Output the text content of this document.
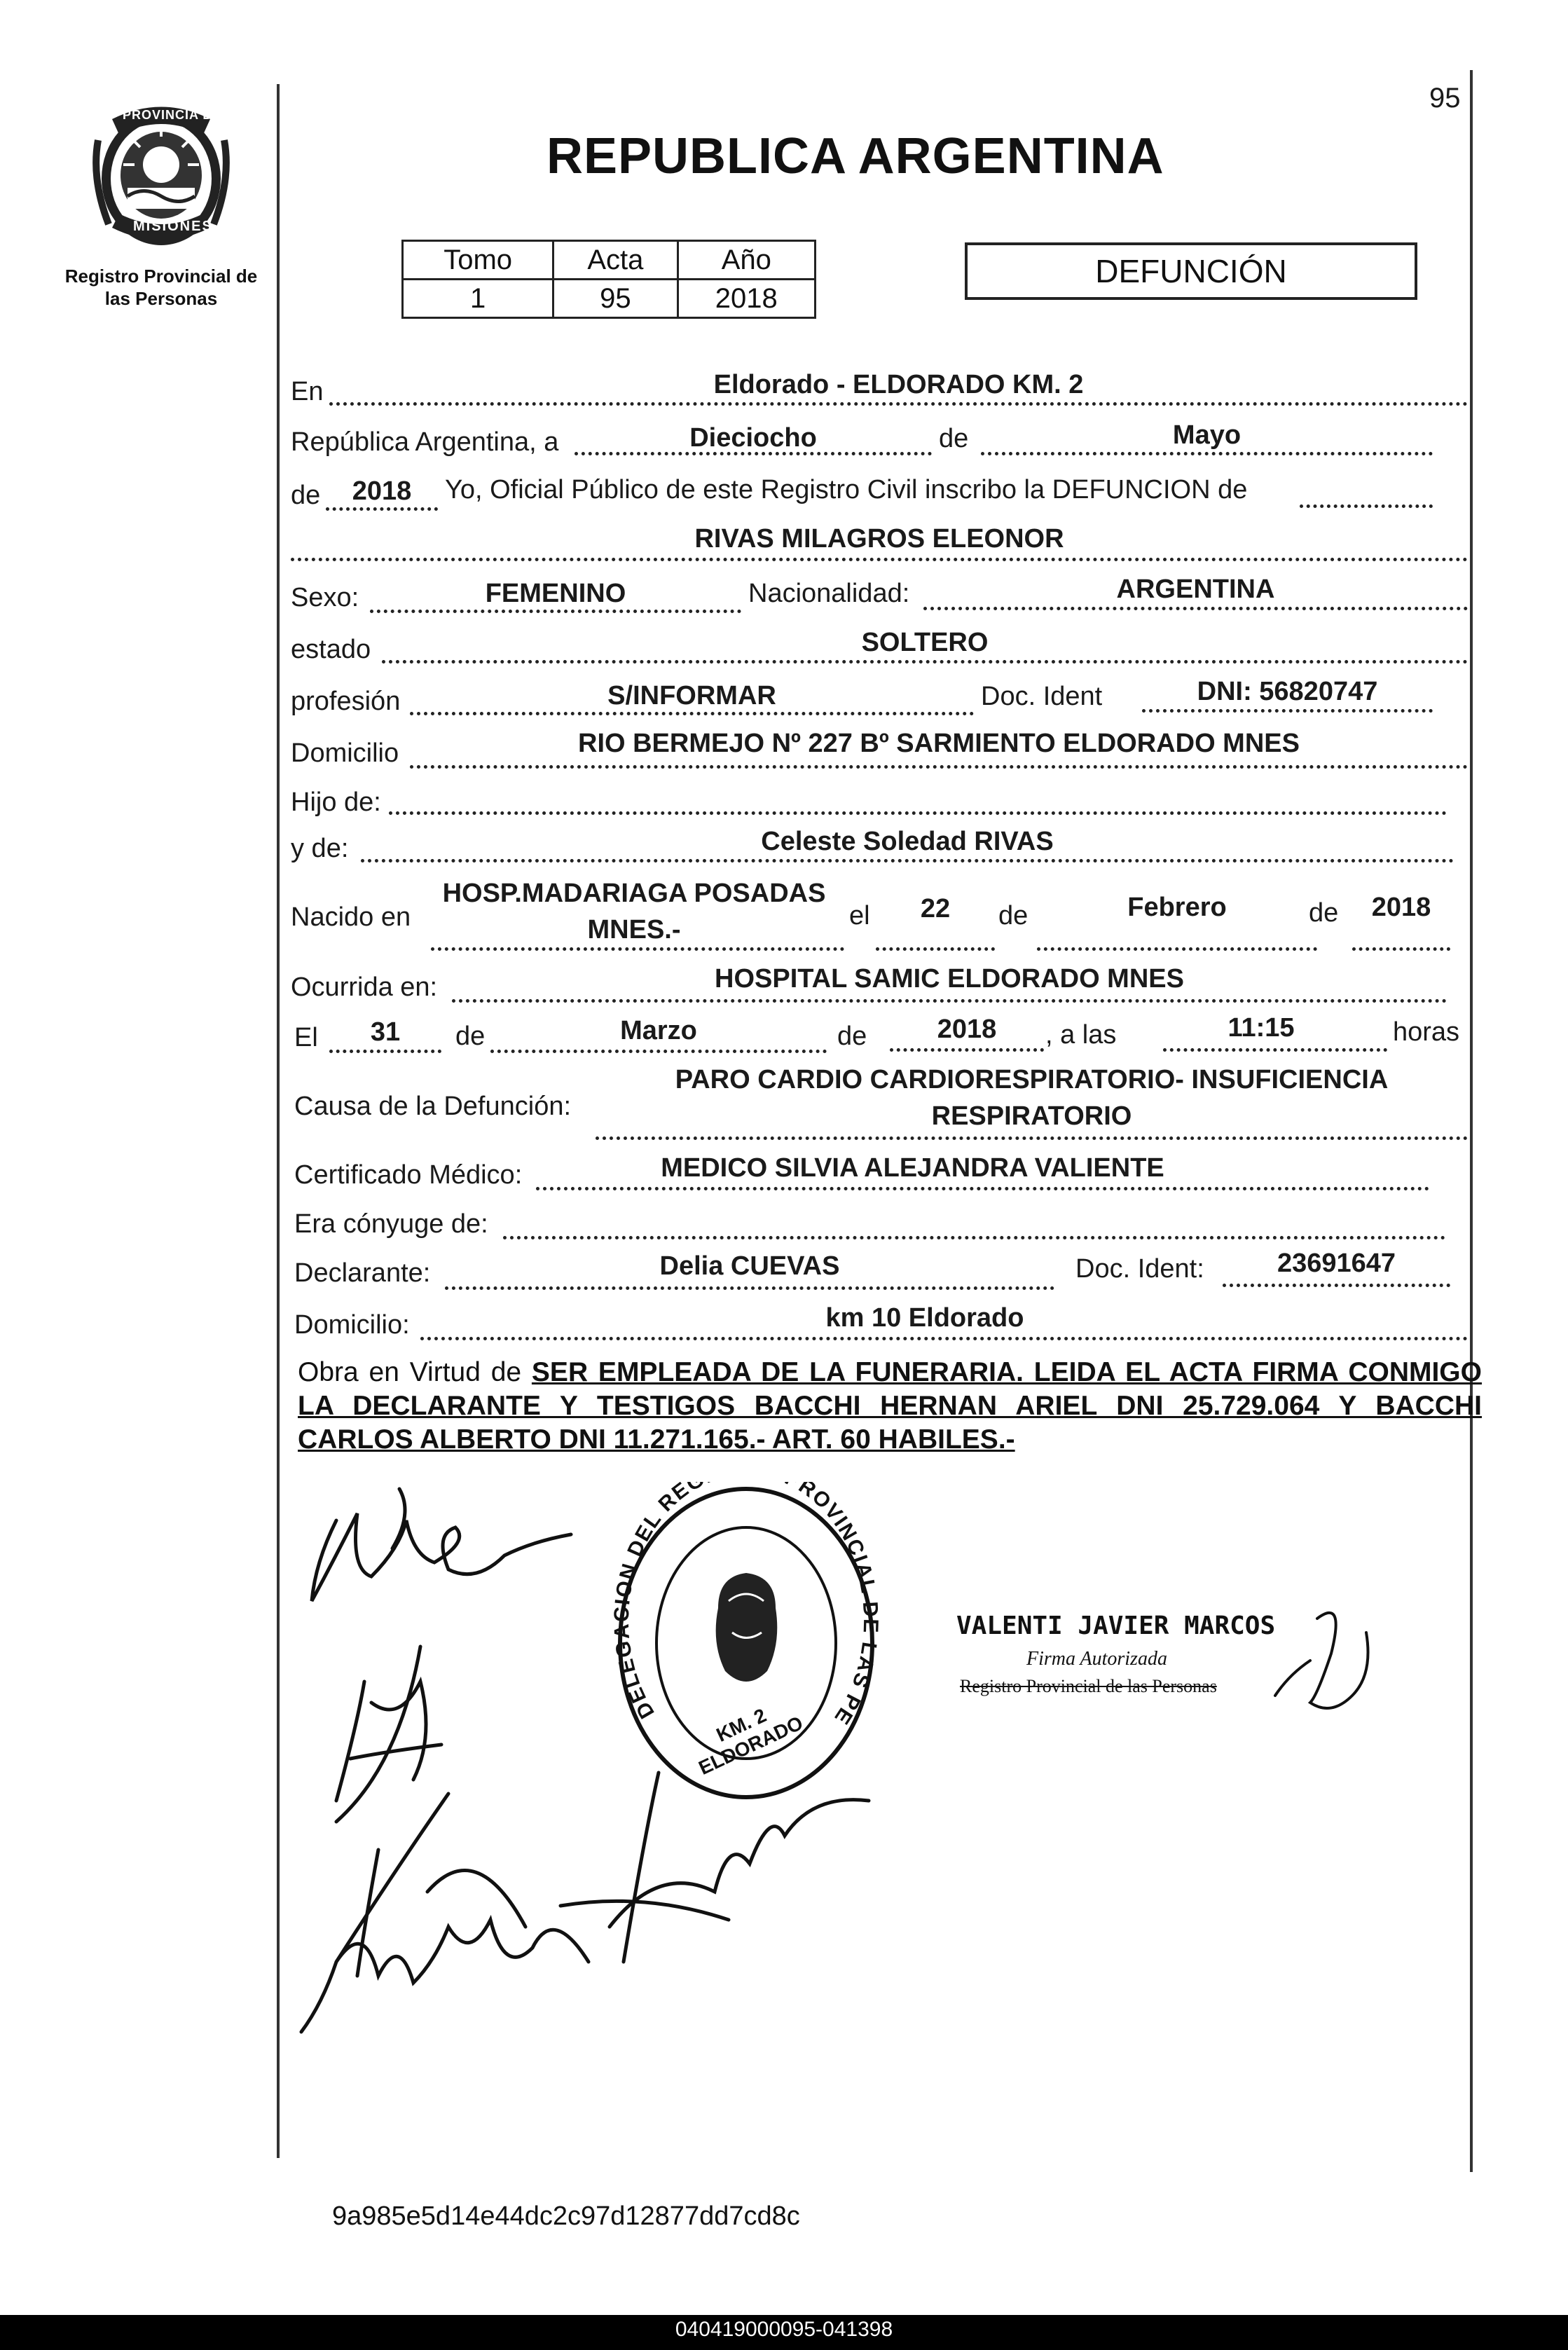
95
PROVINCIA DE
MISIONES
Registro Provincial de
las Personas
REPUBLICA ARGENTINA
Tomo	Acta	Año
1	95	2018
DEFUNCIÓN
En	Eldorado - ELDORADO KM. 2
República Argentina, a	Dieciocho	de	Mayo
de	2018	Yo, Oficial Público de este Registro Civil inscribo la DEFUNCION de
RIVAS MILAGROS ELEONOR
Sexo:	FEMENINO	Nacionalidad:	ARGENTINA
estado	SOLTERO
profesión	S/INFORMAR	Doc. Ident	DNI: 56820747
Domicilio	RIO BERMEJO Nº 227 Bº SARMIENTO ELDORADO MNES
Hijo de:
y de:	Celeste Soledad RIVAS
Nacido en
HOSP.MADARIAGA POSADAS
MNES.-	el	22	de	Febrero	de	2018
Ocurrida en:	HOSPITAL SAMIC ELDORADO MNES
El	31	de	Marzo	de	2018	, a las	11:15	horas
Causa de la Defunción:
PARO CARDIO CARDIORESPIRATORIO- INSUFICIENCIA
RESPIRATORIO
Certificado Médico:	MEDICO SILVIA ALEJANDRA VALIENTE
Era cónyuge de:
Declarante:	Delia CUEVAS	Doc. Ident:	23691647
Domicilio:	km 10 Eldorado
Obra en Virtud de SER EMPLEADA DE LA FUNERARIA. LEIDA EL ACTA FIRMA CONMIGO LA DECLARANTE Y TESTIGOS BACCHI HERNAN ARIEL DNI 25.729.064 Y BACCHI CARLOS ALBERTO DNI 11.271.165.- ART. 60 HABILES.-
DELEG ION DEL RE ROVINCIAL LAS PE
KM. 2 ELDORADO
VALENTI JAVIER MARCOS
Firma Autorizada
Registro Provincial de las Personas
9a985e5d14e44dc2c97d12877dd7cd8c
040419000095-041398
